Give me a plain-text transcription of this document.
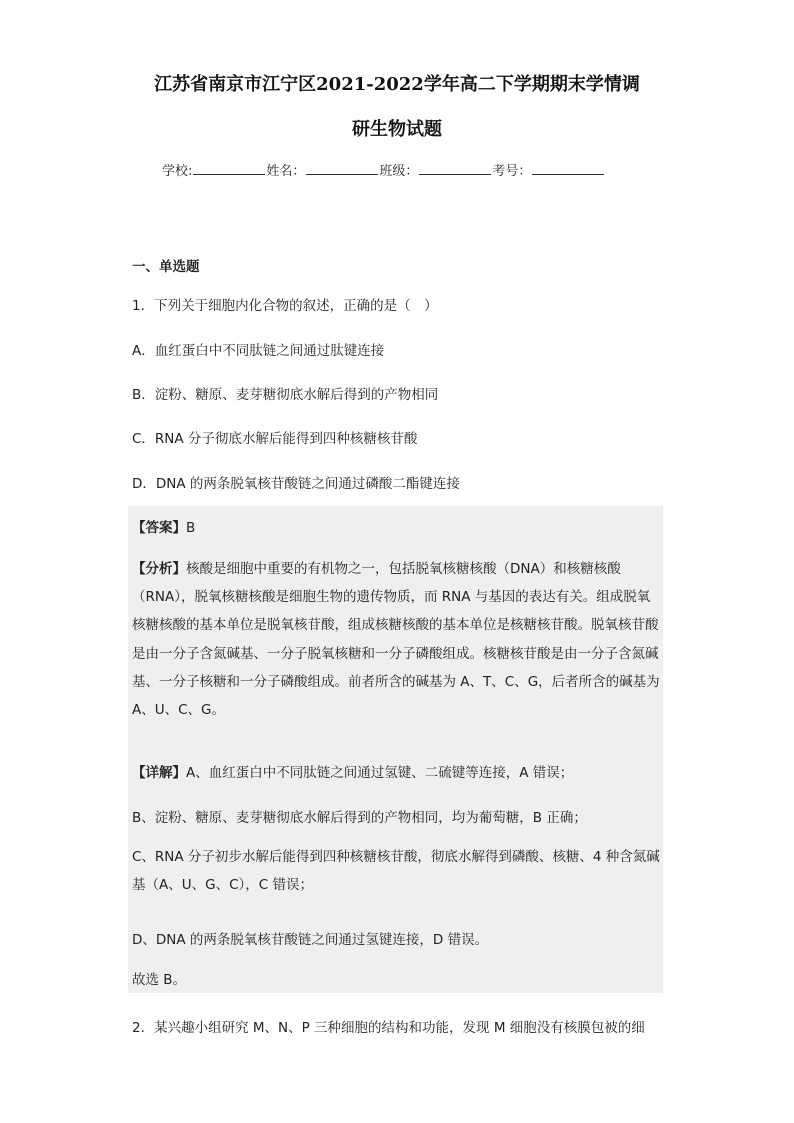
江苏省南京市江宁区2021-2022学年高二下学期期末学情调
研生物试题
学校:	姓名：	班级：	考号：
一、单选题
1．下列关于细胞内化合物的叙述，正确的是（　）
A．血红蛋白中不同肽链之间通过肽键连接
B．淀粉、糖原、麦芽糖彻底水解后得到的产物相同
C．RNA 分子彻底水解后能得到四种核糖核苷酸
D．DNA 的两条脱氧核苷酸链之间通过磷酸二酯键连接
【答案】B
【分析】核酸是细胞中重要的有机物之一，包括脱氧核糖核酸（DNA）和核糖核酸（RNA），脱氧核糖核酸是细胞生物的遗传物质，而 RNA 与基因的表达有关。组成脱氧核糖核酸的基本单位是脱氧核苷酸，组成核糖核酸的基本单位是核糖核苷酸。脱氧核苷酸是由一分子含氮碱基、一分子脱氧核糖和一分子磷酸组成。核糖核苷酸是由一分子含氮碱基、一分子核糖和一分子磷酸组成。前者所含的碱基为 A、T、C、G，后者所含的碱基为 A、U、C、G。
【详解】A、血红蛋白中不同肽链之间通过氢键、二硫键等连接，A 错误；
B、淀粉、糖原、麦芽糖彻底水解后得到的产物相同，均为葡萄糖，B 正确；
C、RNA 分子初步水解后能得到四种核糖核苷酸，彻底水解得到磷酸、核糖、4 种含氮碱基（A、U、G、C），C 错误；
D、DNA 的两条脱氧核苷酸链之间通过氢键连接，D 错误。
故选 B。
2．某兴趣小组研究 M、N、P 三种细胞的结构和功能，发现 M 细胞没有核膜包被的细
